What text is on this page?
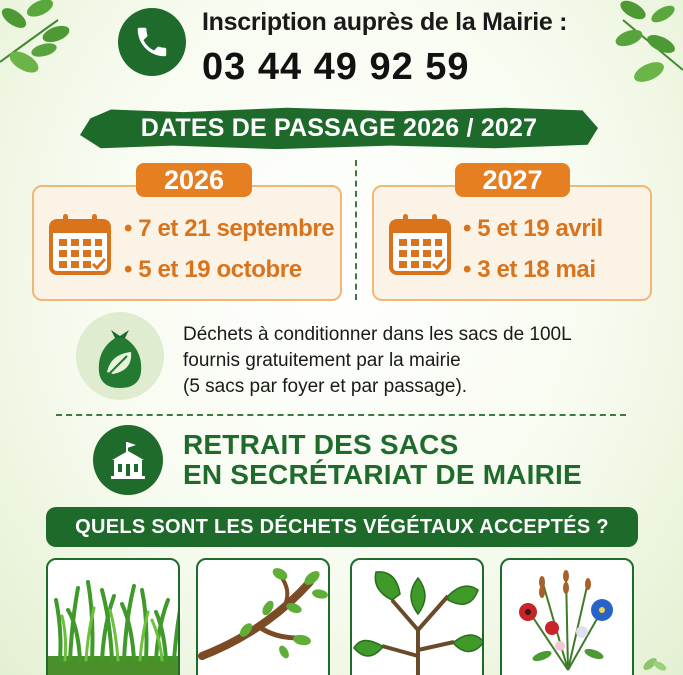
Inscription auprès de la Mairie :
03 44 49 92 59
DATES DE PASSAGE 2026 / 2027
2026
• 7 et 21 septembre
• 5 et 19 octobre
2027
• 5 et 19 avril
• 3 et 18 mai
Déchets à conditionner dans les sacs de 100L
fournis gratuitement par la mairie
(5 sacs par foyer et par passage).
RETRAIT DES SACS
EN SECRÉTARIAT DE MAIRIE
QUELS SONT LES DÉCHETS VÉGÉTAUX ACCEPTÉS ?
